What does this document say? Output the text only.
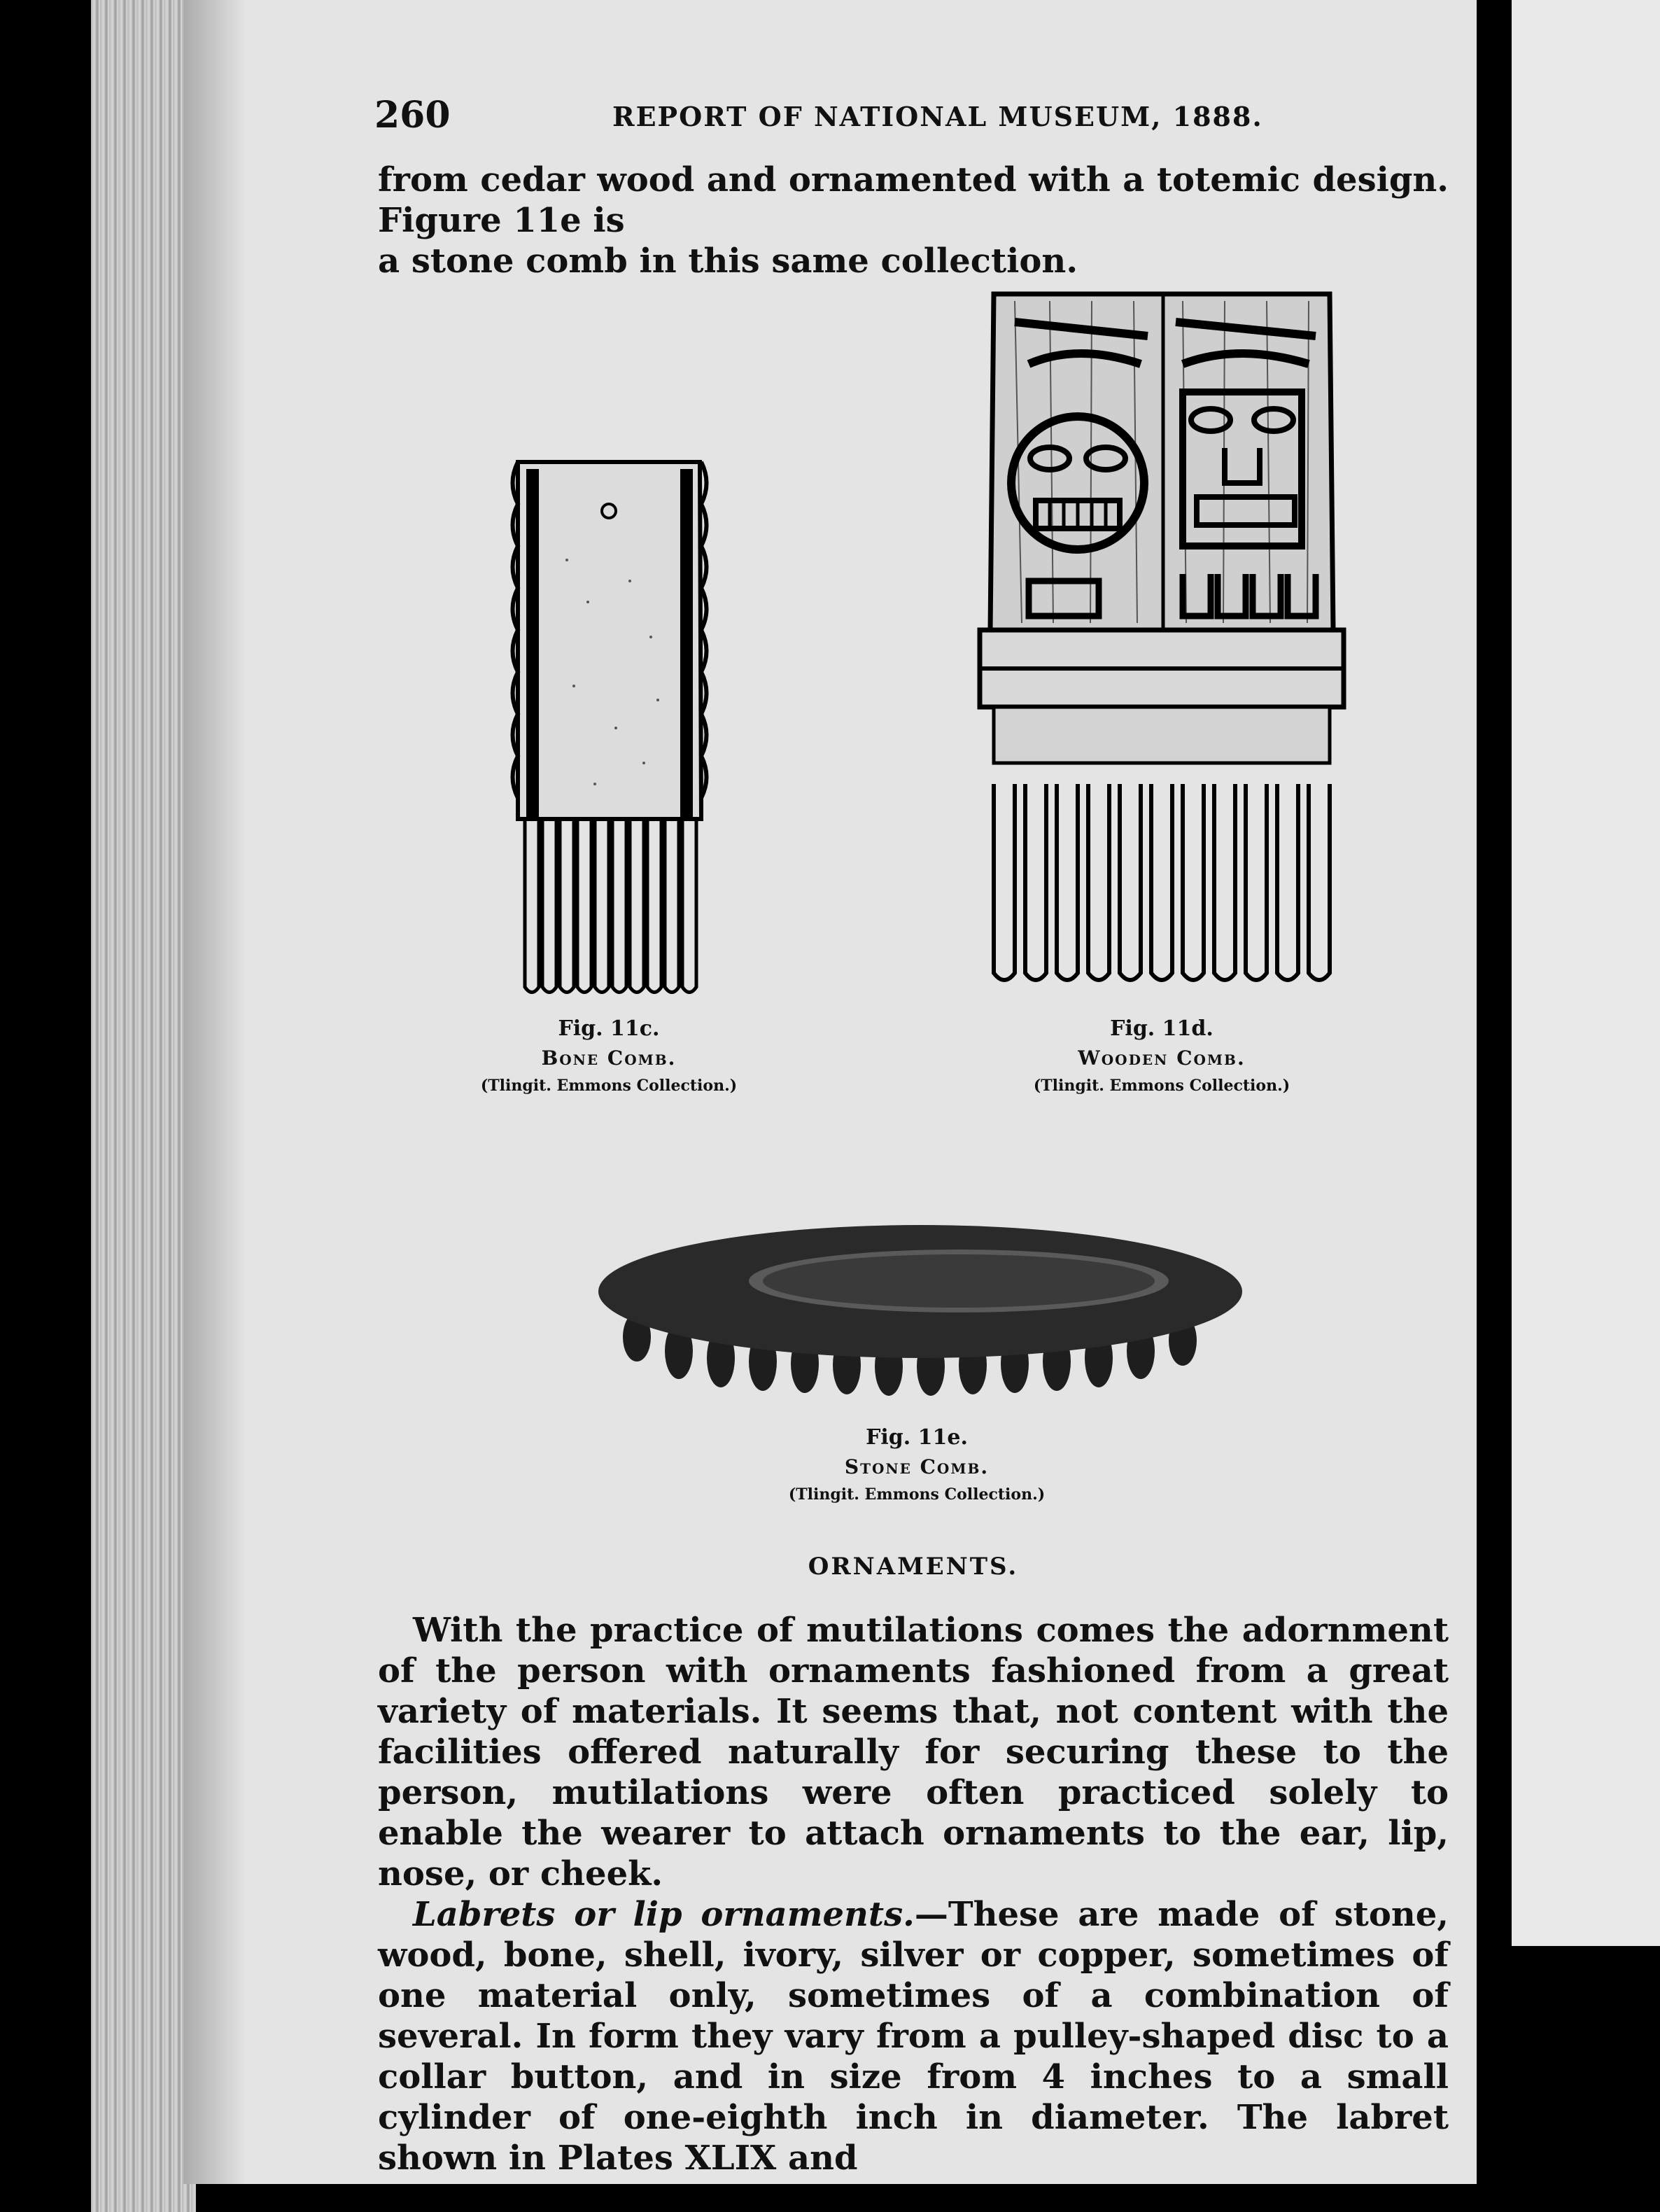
260	REPORT OF NATIONAL MUSEUM, 1888.

from cedar wood and ornamented with a totemic design. Figure 11e is

a stone comb in this same collection.

Fig. 11c.
Bone Comb.
(Tlingit. Emmons Collection.)
Fig. 11d.
Wooden Comb.
(Tlingit. Emmons Collection.)
Fig. 11e.
Stone Comb.
(Tlingit. Emmons Collection.)
ORNAMENTS.

With the practice of mutilations comes the adornment of the person with ornaments fashioned from a great variety of materials. It seems that, not content with the facilities offered naturally for securing these to the person, mutilations were often practiced solely to enable the wearer to attach ornaments to the ear, lip, nose, or cheek.

Labrets or lip ornaments.—These are made of stone, wood, bone, shell, ivory, silver or copper, sometimes of one material only, sometimes of a combination of several. In form they vary from a pulley-shaped disc to a collar button, and in size from 4 inches to a small cylinder of one-eighth inch in diameter. The labret shown in Plates XLIX and
